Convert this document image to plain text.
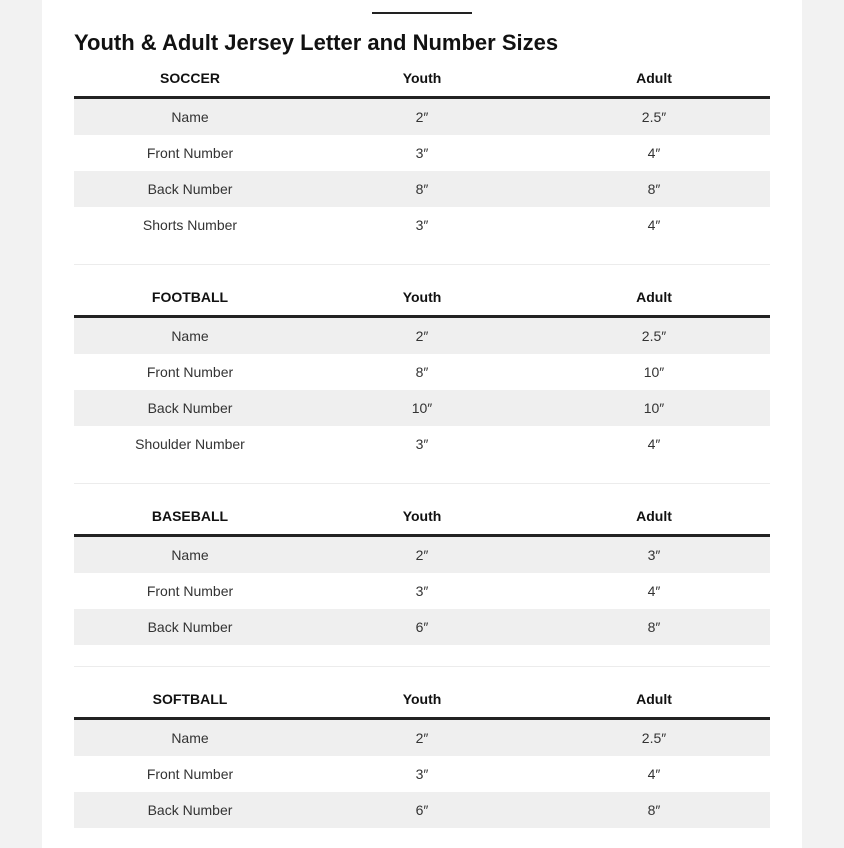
Youth & Adult Jersey Letter and Number Sizes
SOCCER	Youth	Adult
Name	2″	2.5″
Front Number	3″	4″
Back Number	8″	8″
Shorts Number	3″	4″
FOOTBALL	Youth	Adult
Name	2″	2.5″
Front Number	8″	10″
Back Number	10″	10″
Shoulder Number	3″	4″
BASEBALL	Youth	Adult
Name	2″	3″
Front Number	3″	4″
Back Number	6″	8″
SOFTBALL	Youth	Adult
Name	2″	2.5″
Front Number	3″	4″
Back Number	6″	8″
